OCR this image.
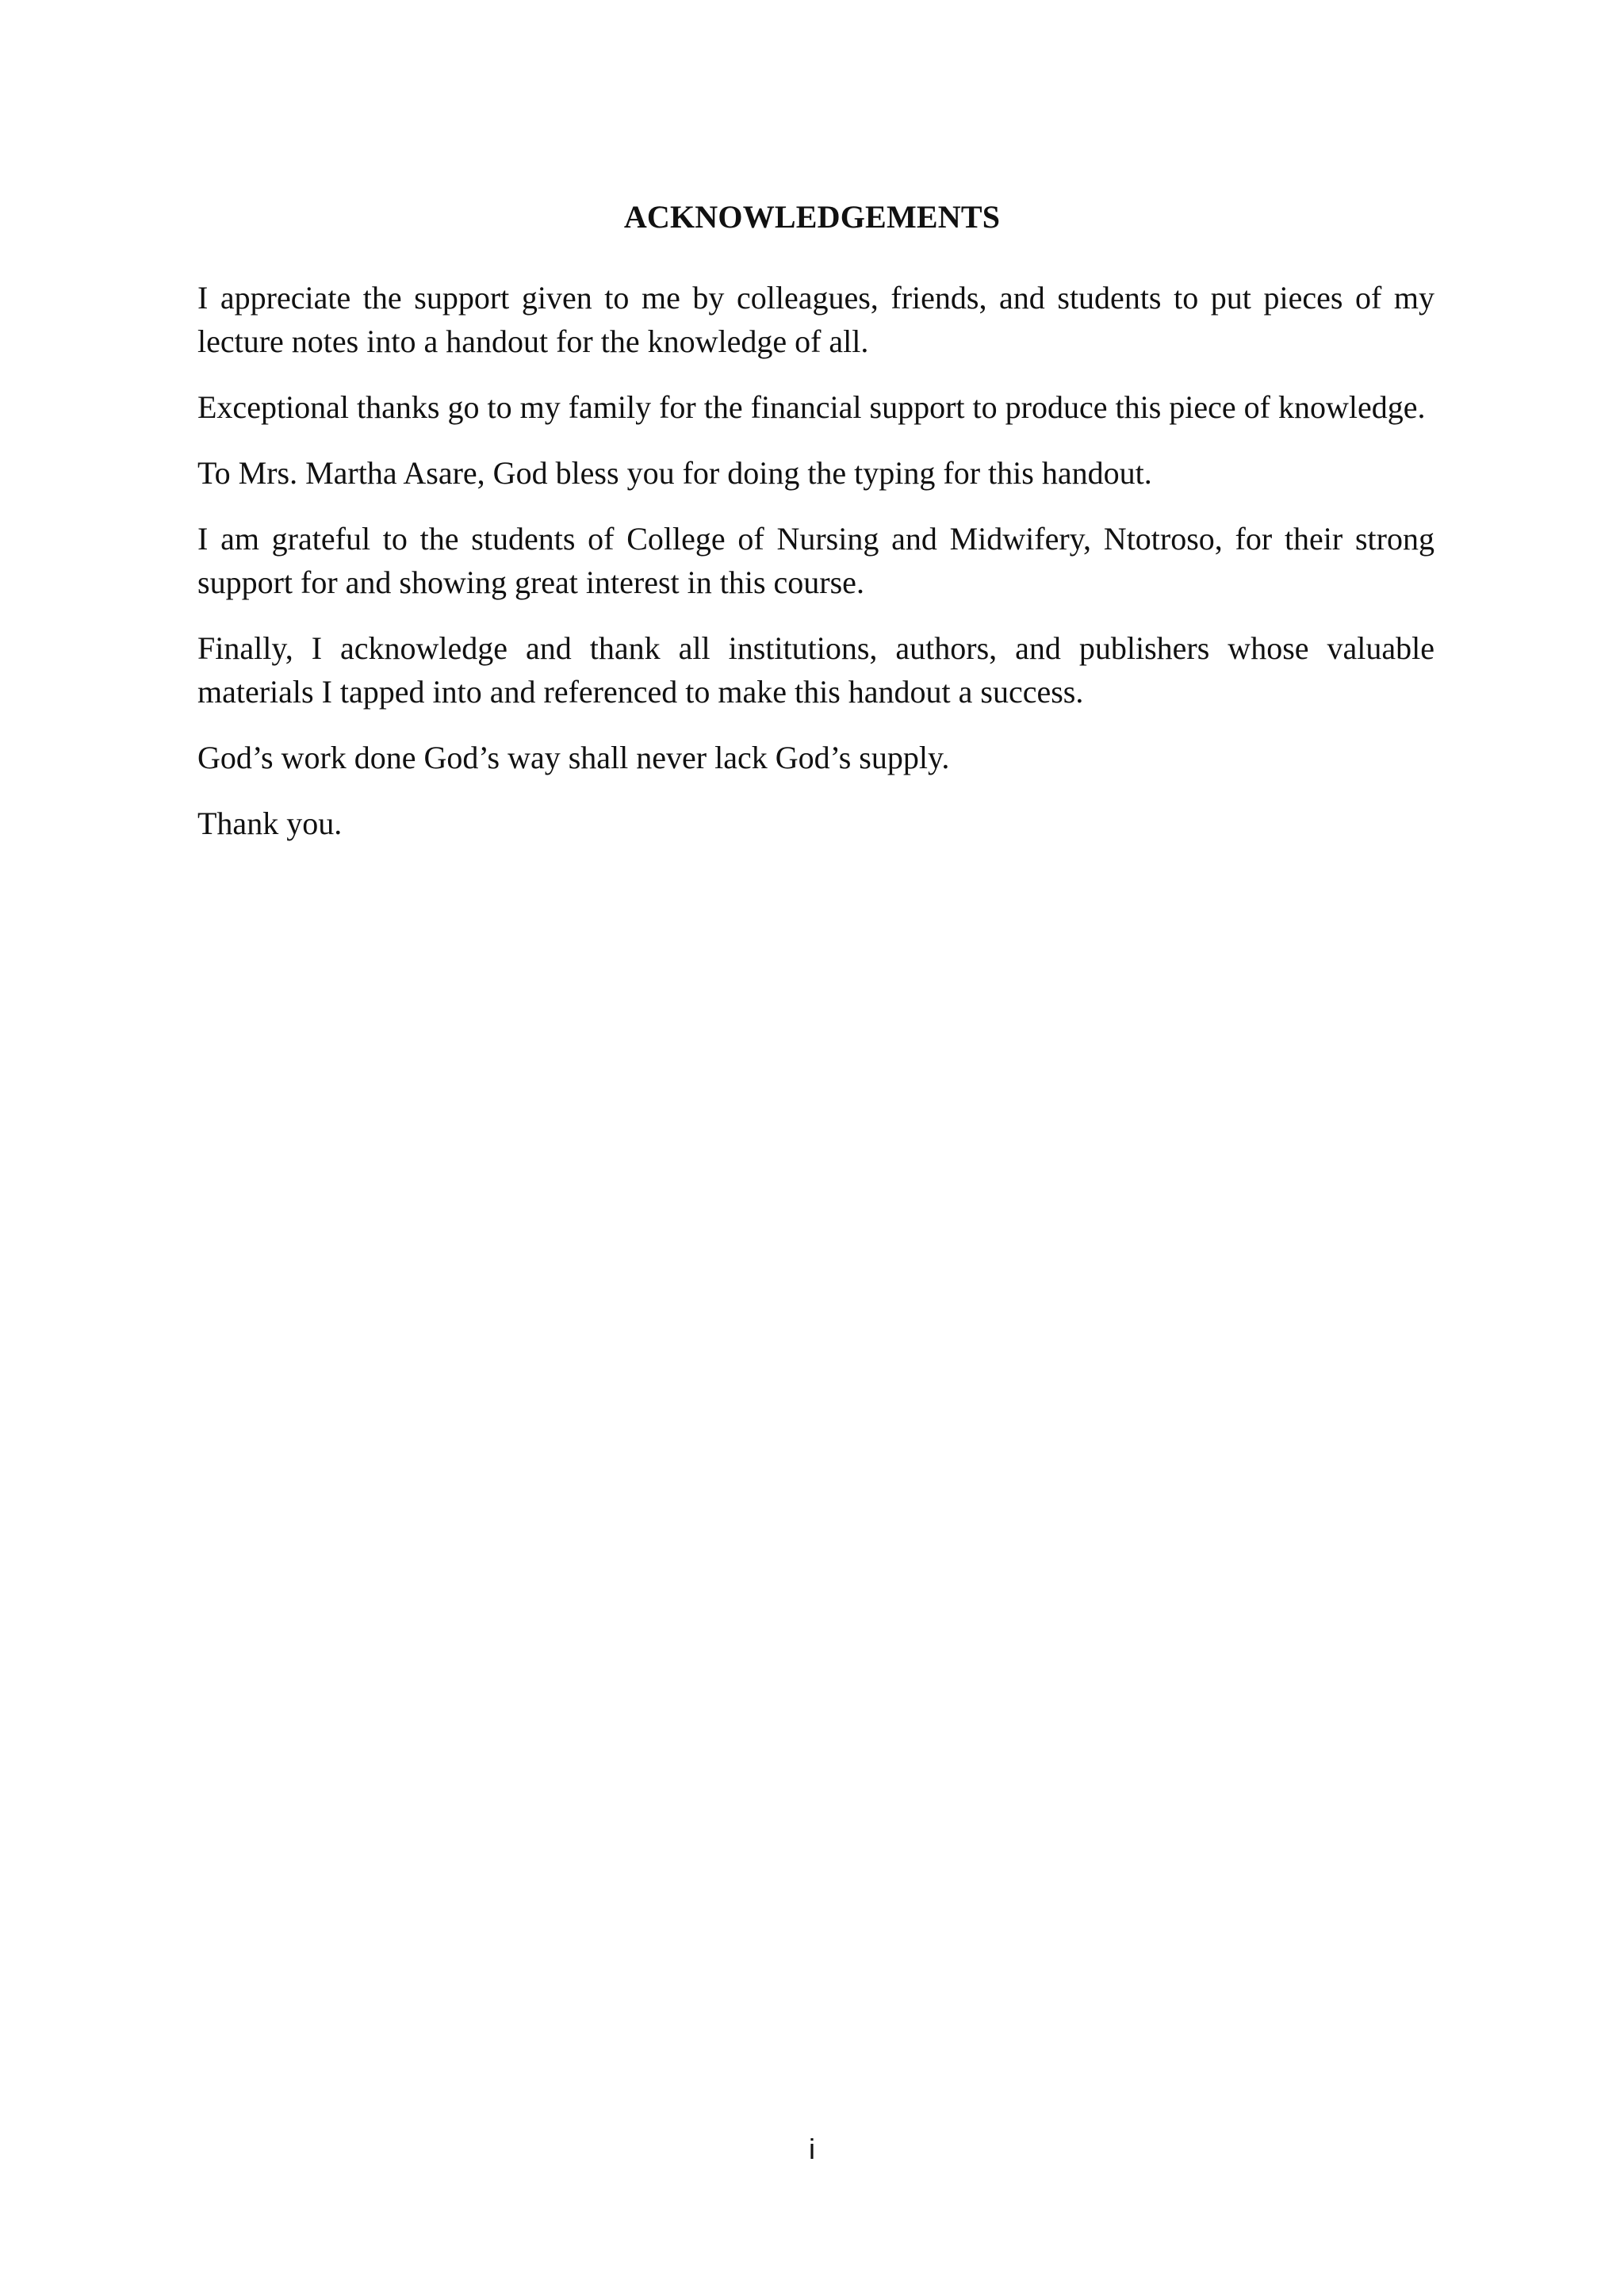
ACKNOWLEDGEMENTS

I appreciate the support given to me by colleagues, friends, and students to put pieces of my lecture notes into a handout for the knowledge of all.

Exceptional thanks go to my family for the financial support to produce this piece of knowledge.

To Mrs. Martha Asare, God bless you for doing the typing for this handout.

I am grateful to the students of College of Nursing and Midwifery, Ntotroso, for their strong support for and showing great interest in this course.

Finally, I acknowledge and thank all institutions, authors, and publishers whose valuable materials I tapped into and referenced to make this handout a success.

God’s work done God’s way shall never lack God’s supply.

Thank you.

i
